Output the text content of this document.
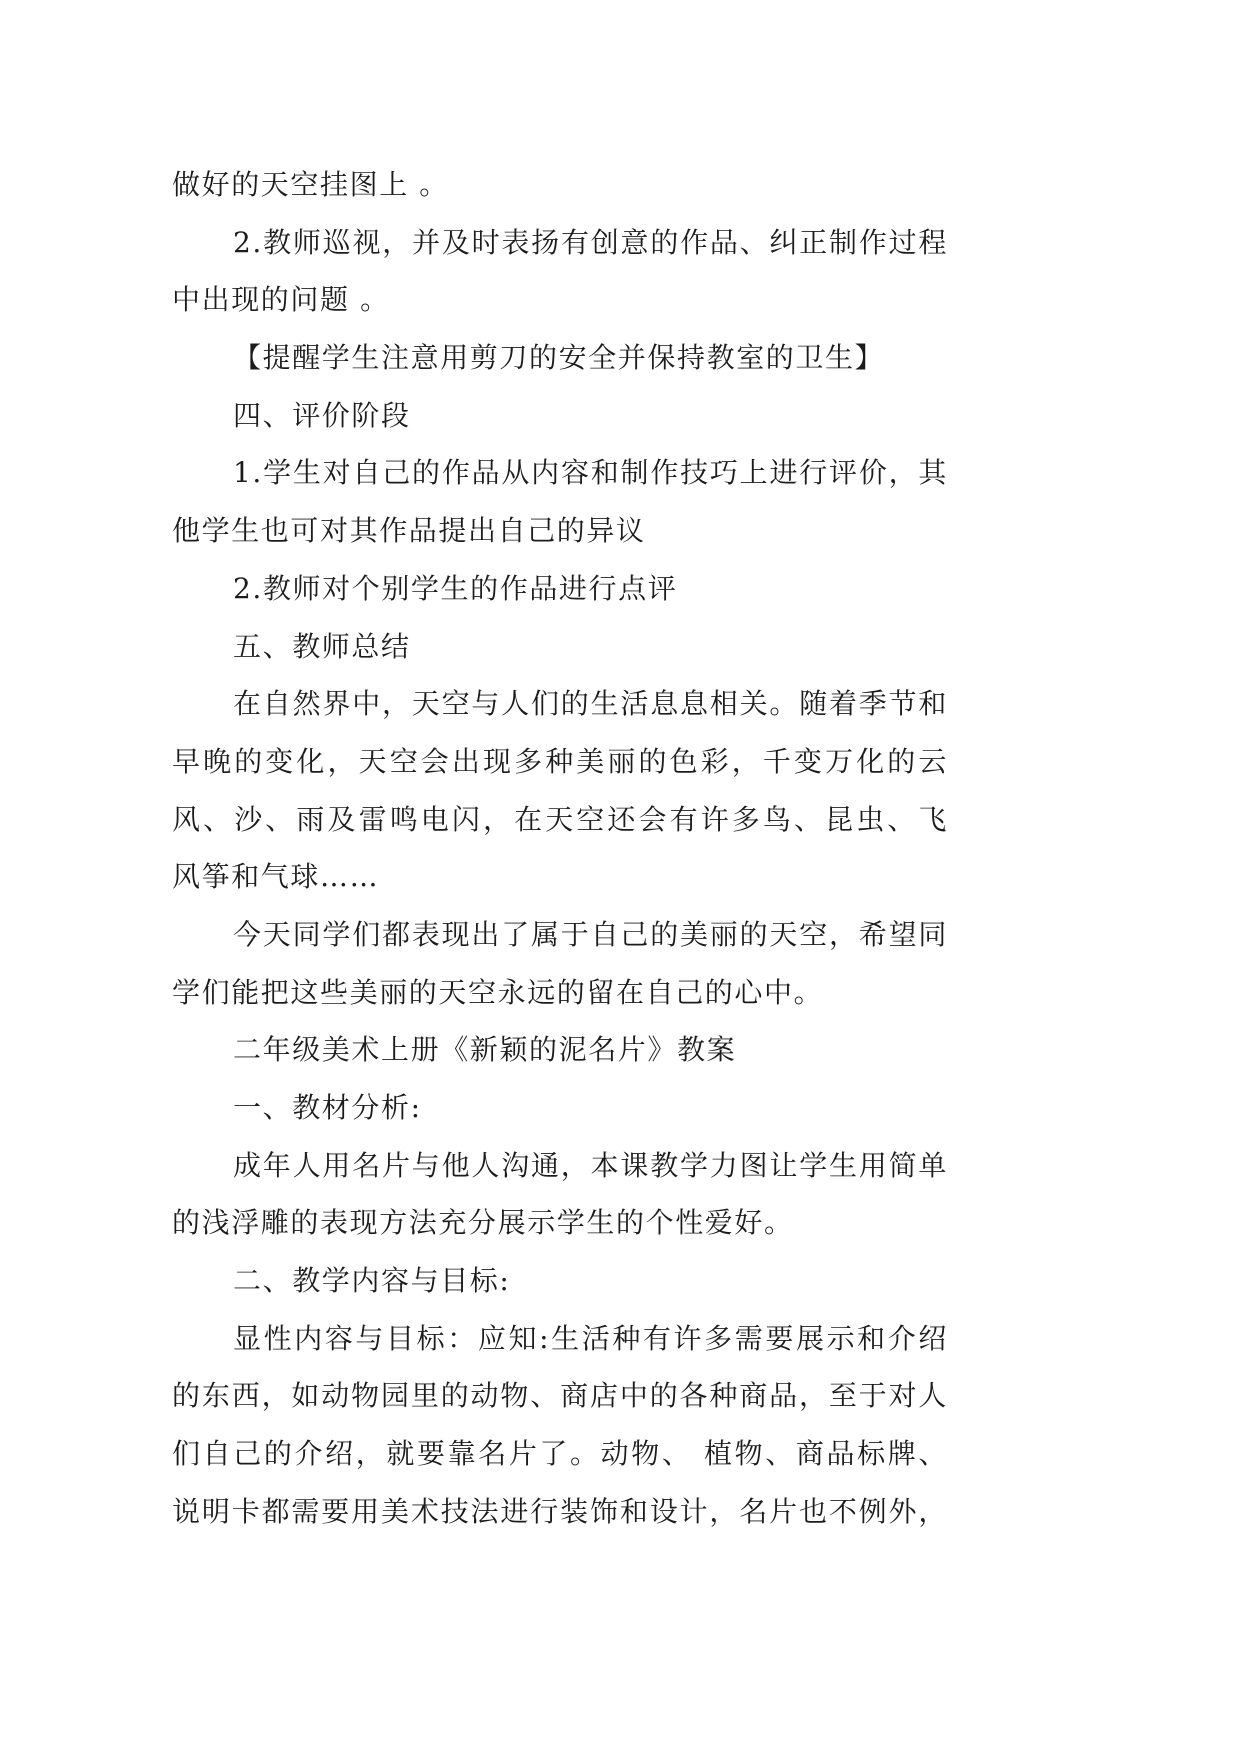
做好的天空挂图上 。
2.教师巡视，并及时表扬有创意的作品、纠正制作过程
中出现的问题 。
【提醒学生注意用剪刀的安全并保持教室的卫生】
四、评价阶段
1.学生对自己的作品从内容和制作技巧上进行评价，其
他学生也可对其作品提出自己的异议
2.教师对个别学生的作品进行点评
五、教师总结
在自然界中，天空与人们的生活息息相关。随着季节和
早晚的变化，天空会出现多种美丽的色彩，千变万化的云
风、沙、雨及雷鸣电闪，在天空还会有许多鸟、昆虫、飞
风筝和气球……
今天同学们都表现出了属于自己的美丽的天空，希望同
学们能把这些美丽的天空永远的留在自己的心中。
二年级美术上册《新颖的泥名片》教案
一、教材分析:
成年人用名片与他人沟通，本课教学力图让学生用简单
的浅浮雕的表现方法充分展示学生的个性爱好。
二、教学内容与目标:
显性内容与目标：应知:生活种有许多需要展示和介绍
的东西，如动物园里的动物、商店中的各种商品，至于对人
们自己的介绍，就要靠名片了。动物、 植物、商品标牌、
说明卡都需要用美术技法进行装饰和设计，名片也不例外，
